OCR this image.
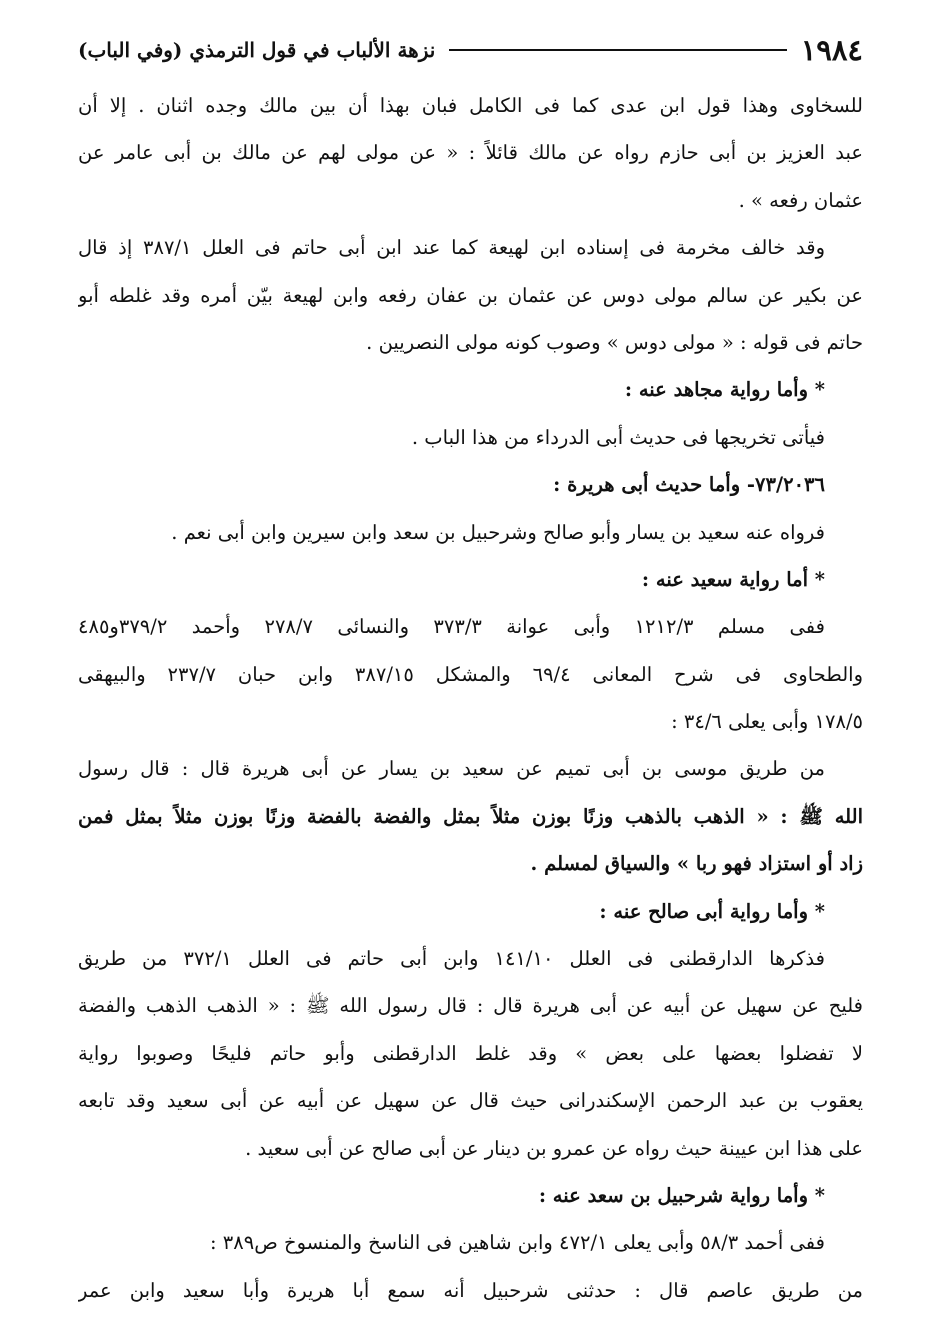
١٩٨٤
نزهة الألباب في قول الترمذي (وفي الباب)
للسخاوى وهذا قول ابن عدى كما فى الكامل فبان بهذا أن بين مالك وجده اثنان . إلا أن
عبد العزيز بن أبى حازم رواه عن مالك قائلاً : « عن مولى لهم عن مالك بن أبى عامر عن
عثمان رفعه » .
وقد خالف مخرمة فى إسناده ابن لهيعة كما عند ابن أبى حاتم فى العلل ٣٨٧/١ إذ قال
عن بكير عن سالم مولى دوس عن عثمان بن عفان رفعه وابن لهيعة بيّن أمره وقد غلطه أبو
حاتم فى قوله : « مولى دوس » وصوب كونه مولى النصريين .
* وأما رواية مجاهد عنه :
فيأتى تخريجها فى حديث أبى الدرداء من هذا الباب .
٧٣/٢٠٣٦- وأما حديث أبى هريرة :
فرواه عنه سعيد بن يسار وأبو صالح وشرحبيل بن سعد وابن سيرين وابن أبى نعم .
* أما رواية سعيد عنه :
ففى مسلم ١٢١٢/٣ وأبى عوانة ٣٧٣/٣ والنسائى ٢٧٨/٧ وأحمد ٣٧٩/٢و٤٨٥
والطحاوى فى شرح المعانى ٦٩/٤ والمشكل ٣٨٧/١٥ وابن حبان ٢٣٧/٧ والبيهقى
١٧٨/٥ وأبى يعلى ٣٤/٦ :
من طريق موسى بن أبى تميم عن سعيد بن يسار عن أبى هريرة قال : قال رسول
الله ﷺ : « الذهب بالذهب وزنًا بوزن مثلاً بمثل والفضة بالفضة وزنًا بوزن مثلاً بمثل فمن
زاد أو استزاد فهو ربا » والسياق لمسلم .
* وأما رواية أبى صالح عنه :
فذكرها الدارقطنى فى العلل ١٤١/١٠ وابن أبى حاتم فى العلل ٣٧٢/١ من طريق
فليح عن سهيل عن أبيه عن أبى هريرة قال : قال رسول الله ﷺ : « الذهب الذهب والفضة
لا تفضلوا بعضها على بعض » وقد غلط الدارقطنى وأبو حاتم فليحًا وصوبوا رواية
يعقوب بن عبد الرحمن الإسكندرانى حيث قال عن سهيل عن أبيه عن أبى سعيد وقد تابعه
على هذا ابن عيينة حيث رواه عن عمرو بن دينار عن أبى صالح عن أبى سعيد .
* وأما رواية شرحبيل بن سعد عنه :
ففى أحمد ٥٨/٣ وأبى يعلى ٤٧٢/١ وابن شاهين فى الناسخ والمنسوخ ص٣٨٩ :
من طريق عاصم قال : حدثنى شرحبيل أنه سمع أبا هريرة وأبا سعيد وابن عمر
